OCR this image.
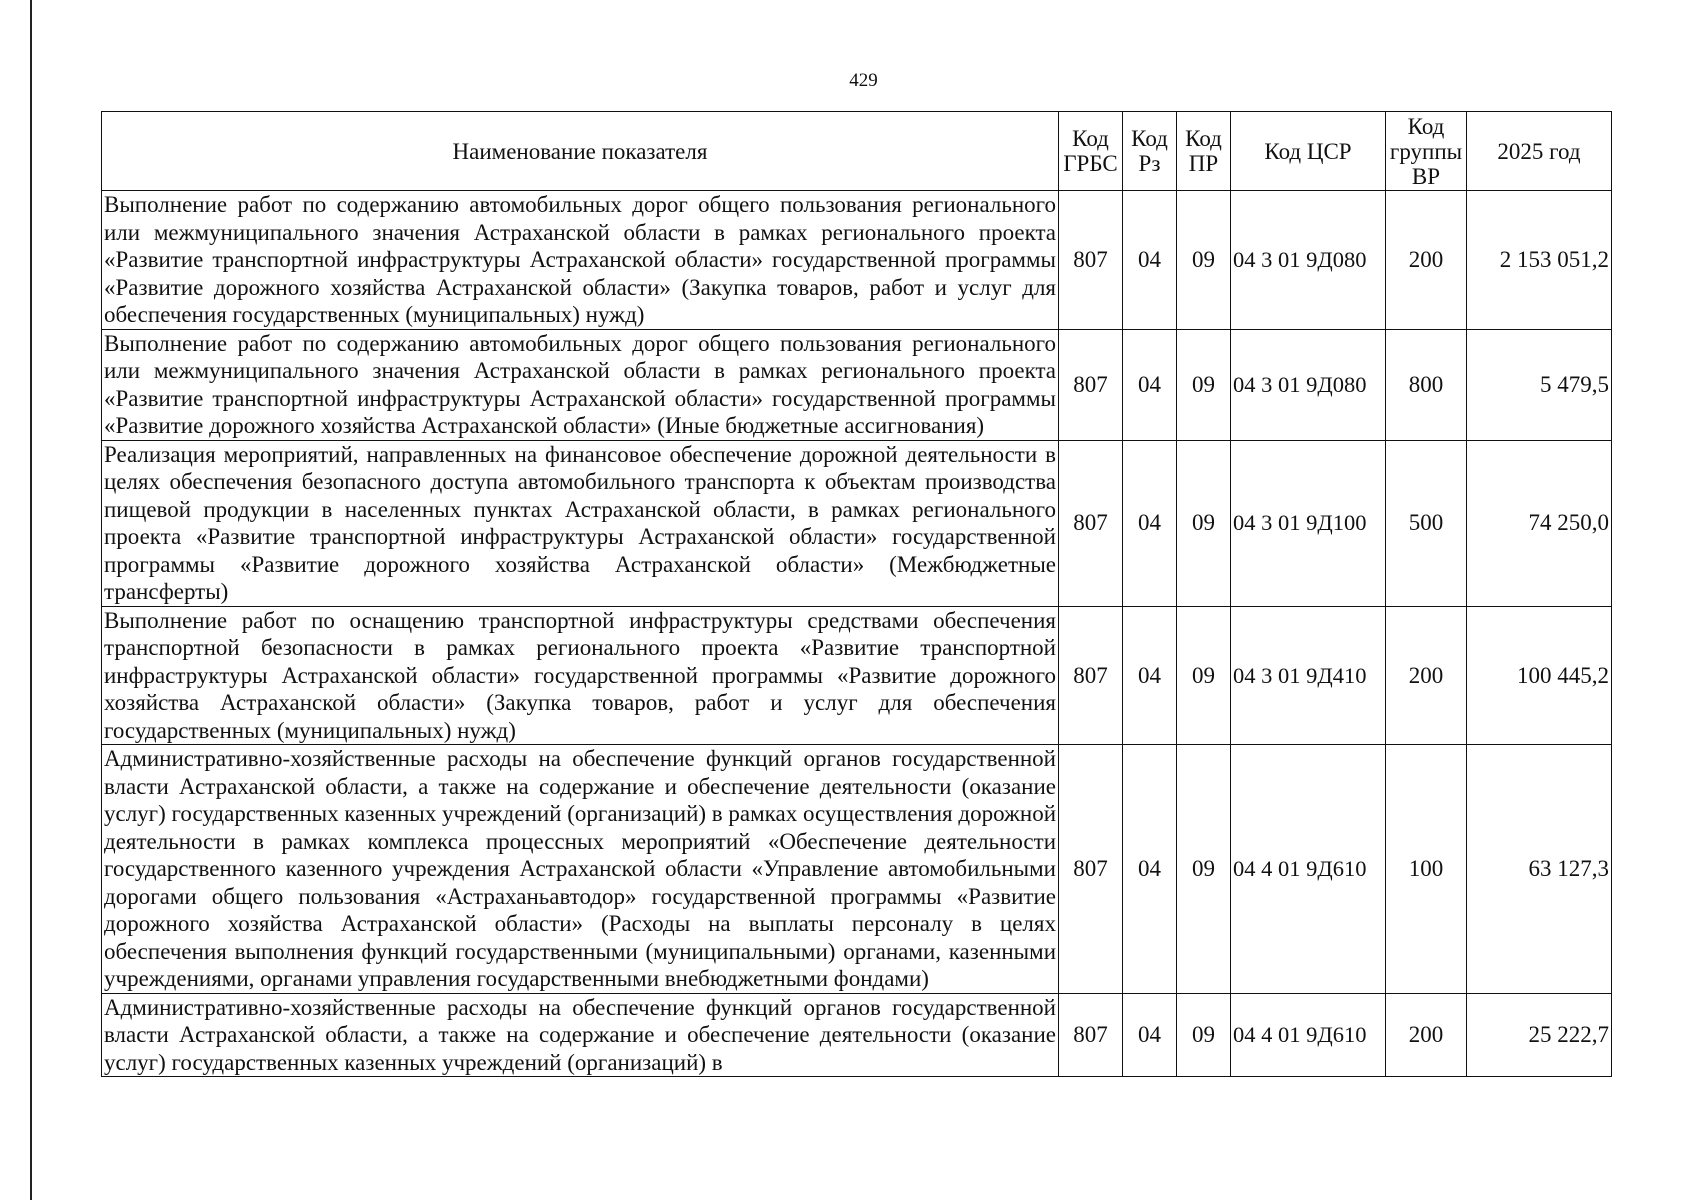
429
Наименование показателя	Код ГРБС	Код Рз	Код ПР	Код ЦСР	Код группы ВР	2025 год
Выполнение работ по содержанию автомобильных дорог общего пользования регионального или межмуниципального значения Астраханской области в рамках регионального проекта «Развитие транспортной инфраструктуры Астраханской области» государственной программы «Развитие дорожного хозяйства Астраханской области» (Закупка товаров, работ и услуг для обеспечения государственных (муниципальных) нужд)	807	04	09	04 3 01 9Д080	200	2 153 051,2
Выполнение работ по содержанию автомобильных дорог общего пользования регионального или межмуниципального значения Астраханской области в рамках регионального проекта «Развитие транспортной инфраструктуры Астраханской области» государственной программы «Развитие дорожного хозяйства Астраханской области» (Иные бюджетные ассигнования)	807	04	09	04 3 01 9Д080	800	5 479,5
Реализация мероприятий, направленных на финансовое обеспечение дорожной деятельности в целях обеспечения безопасного доступа автомобильного транспорта к объектам производства пищевой продукции в населенных пунктах Астраханской области, в рамках регионального проекта «Развитие транспортной инфраструктуры Астраханской области» государственной программы «Развитие дорожного хозяйства Астраханской области» (Межбюджетные трансферты)	807	04	09	04 3 01 9Д100	500	74 250,0
Выполнение работ по оснащению транспортной инфраструктуры средствами обеспечения транспортной безопасности в рамках регионального проекта «Развитие транспортной инфраструктуры Астраханской области» государственной программы «Развитие дорожного хозяйства Астраханской области» (Закупка товаров, работ и услуг для обеспечения государственных (муниципальных) нужд)	807	04	09	04 3 01 9Д410	200	100 445,2
Административно-хозяйственные расходы на обеспечение функций органов государственной власти Астраханской области, а также на содержание и обеспечение деятельности (оказание услуг) государственных казенных учреждений (организаций) в рамках осуществления дорожной деятельности в рамках комплекса процессных мероприятий «Обеспечение деятельности государственного казенного учреждения Астраханской области «Управление автомобильными дорогами общего пользования «Астраханьавтодор» государственной программы «Развитие дорожного хозяйства Астраханской области» (Расходы на выплаты персоналу в целях обеспечения выполнения функций государственными (муниципальными) органами, казенными учреждениями, органами управления государственными внебюджетными фондами)	807	04	09	04 4 01 9Д610	100	63 127,3
Административно-хозяйственные расходы на обеспечение функций органов государственной власти Астраханской области, а также на содержание и обеспечение деятельности (оказание услуг) государственных казенных учреждений (организаций) в	807	04	09	04 4 01 9Д610	200	25 222,7
